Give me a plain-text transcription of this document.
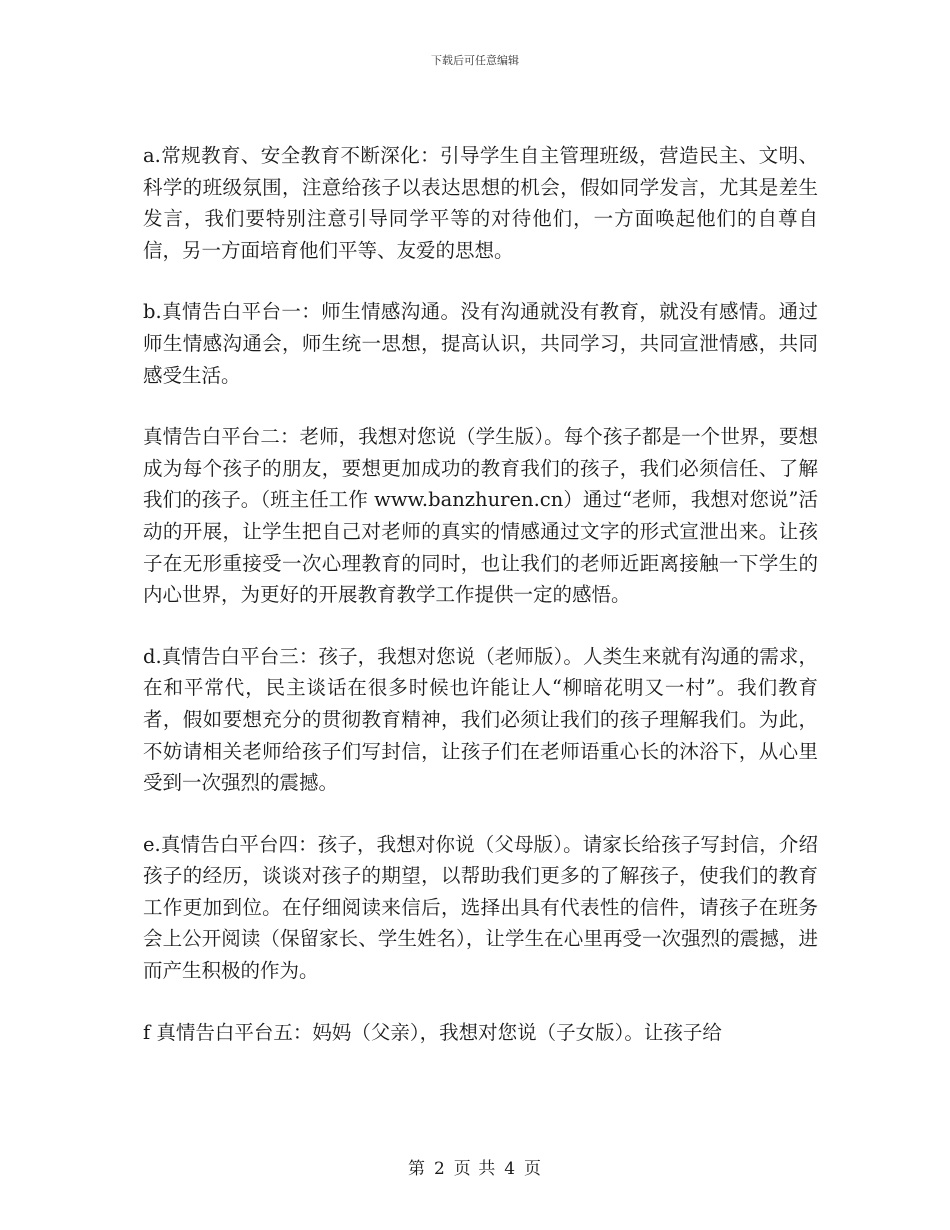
下载后可任意编辑

a.常规教育、安全教育不断深化：引导学生自主管理班级，营造民主、文明、科学的班级氛围，注意给孩子以表达思想的机会，假如同学发言，尤其是差生发言，我们要特别注意引导同学平等的对待他们，一方面唤起他们的自尊自信，另一方面培育他们平等、友爱的思想。

b.真情告白平台一：师生情感沟通。没有沟通就没有教育，就没有感情。通过师生情感沟通会，师生统一思想，提高认识，共同学习，共同宣泄情感，共同感受生活。

真情告白平台二：老师，我想对您说（学生版）。每个孩子都是一个世界，要想成为每个孩子的朋友，要想更加成功的教育我们的孩子，我们必须信任、了解我们的孩子。（班主任工作 www.banzhuren.cn）通过“老师，我想对您说”活动的开展，让学生把自己对老师的真实的情感通过文字的形式宣泄出来。让孩子在无形重接受一次心理教育的同时，也让我们的老师近距离接触一下学生的内心世界，为更好的开展教育教学工作提供一定的感悟。

d.真情告白平台三：孩子，我想对您说（老师版）。人类生来就有沟通的需求，在和平常代，民主谈话在很多时候也许能让人“柳暗花明又一村”。我们教育者，假如要想充分的贯彻教育精神，我们必须让我们的孩子理解我们。为此，不妨请相关老师给孩子们写封信，让孩子们在老师语重心长的沐浴下，从心里受到一次强烈的震撼。

e.真情告白平台四：孩子，我想对你说（父母版）。请家长给孩子写封信，介绍孩子的经历，谈谈对孩子的期望，以帮助我们更多的了解孩子，使我们的教育工作更加到位。在仔细阅读来信后，选择出具有代表性的信件，请孩子在班务会上公开阅读（保留家长、学生姓名），让学生在心里再受一次强烈的震撼，进而产生积极的作为。

f 真情告白平台五：妈妈（父亲），我想对您说（子女版）。让孩子给

第 2 页 共 4 页
